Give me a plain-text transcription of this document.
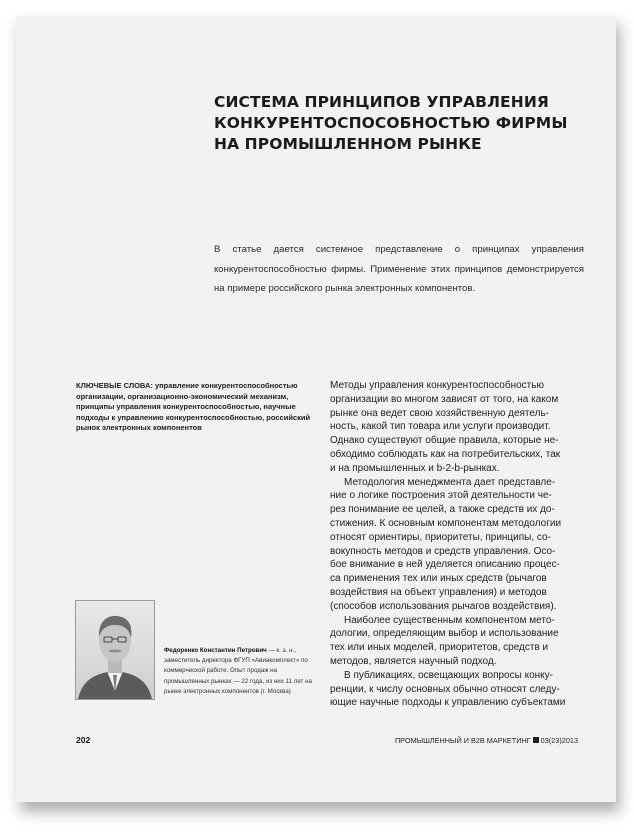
СИСТЕМА ПРИНЦИПОВ УПРАВЛЕНИЯ
КОНКУРЕНТОСПОСОБНОСТЬЮ ФИРМЫ
НА ПРОМЫШЛЕННОМ РЫНКЕ

В статье дается системное представление о принципах управления конкурентоспособностью фирмы. Применение этих принципов демонстрируется на примере российского рынка электронных компонентов.

КЛЮЧЕВЫЕ СЛОВА: управление конкурентоспособностью организации, организационно-экономический механизм, принципы управления конкурентоспособностью, научные подходы к управлению конкурентоспособностью, российский рынок электронных компонентов

Федоренко Константин Петрович — к. э. н., заместитель директора ФГУП «Авиакомплект» по коммерческой работе. Опыт продаж на промышленных рынках — 22 года, из них 11 лет на рынке электронных компонентов (г. Москва)

Методы управления конкурентоспособностью
организации во многом зависят от того, на каком
рынке она ведет свою хозяйственную деятель-
ность, какой тип товара или услуги производит.
Однако существуют общие правила, которые не-
обходимо соблюдать как на потребительских, так
и на промышленных и b-2-b-рынках.

Методология менеджмента дает представле-
ние о логике построения этой деятельности че-
рез понимание ее целей, а также средств их до-
стижения. К основным компонентам методологии
относят ориентиры, приоритеты, принципы, со-
вокупность методов и средств управления. Осо-
бое внимание в ней уделяется описанию процес-
са применения тех или иных средств (рычагов
воздействия на объект управления) и методов
(способов использования рычагов воздействия).

Наиболее существенным компонентом мето-
дологии, определяющим выбор и использование
тех или иных моделей, приоритетов, средств и
методов, является научный подход.

В публикациях, освещающих вопросы конку-
ренции, к числу основных обычно относят следу-
ющие научные подходы к управлению субъектами

202	ПРОМЫШЛЕННЫЙ И B2B МАРКЕТИНГ 03(23)2013
